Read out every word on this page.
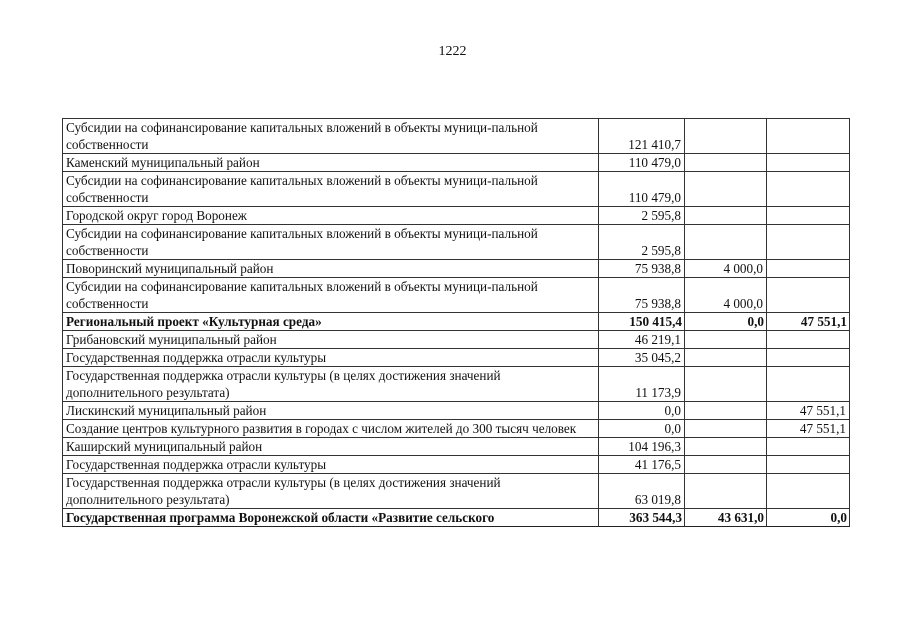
1222
Субсидии на софинансирование капитальных вложений в объекты муници-пальной собственности	121 410,7		
Каменский муниципальный район	110 479,0		
Субсидии на софинансирование капитальных вложений в объекты муници-пальной собственности	110 479,0		
Городской округ город Воронеж	2 595,8		
Субсидии на софинансирование капитальных вложений в объекты муници-пальной собственности	2 595,8		
Поворинский муниципальный район	75 938,8	4 000,0	
Субсидии на софинансирование капитальных вложений в объекты муници-пальной собственности	75 938,8	4 000,0	
Региональный проект «Культурная среда»	150 415,4	0,0	47 551,1
Грибановский муниципальный район	46 219,1		
Государственная поддержка отрасли культуры	35 045,2		
Государственная поддержка отрасли культуры (в целях достижения значений дополнительного результата)	11 173,9		
Лискинский муниципальный район	0,0		47 551,1
Создание центров культурного развития в городах с числом жителей до 300 тысяч человек	0,0		47 551,1
Каширский муниципальный район	104 196,3		
Государственная поддержка отрасли культуры	41 176,5		
Государственная поддержка отрасли культуры (в целях достижения значений дополнительного результата)	63 019,8		
Государственная программа Воронежской области «Развитие сельского	363 544,3	43 631,0	0,0
